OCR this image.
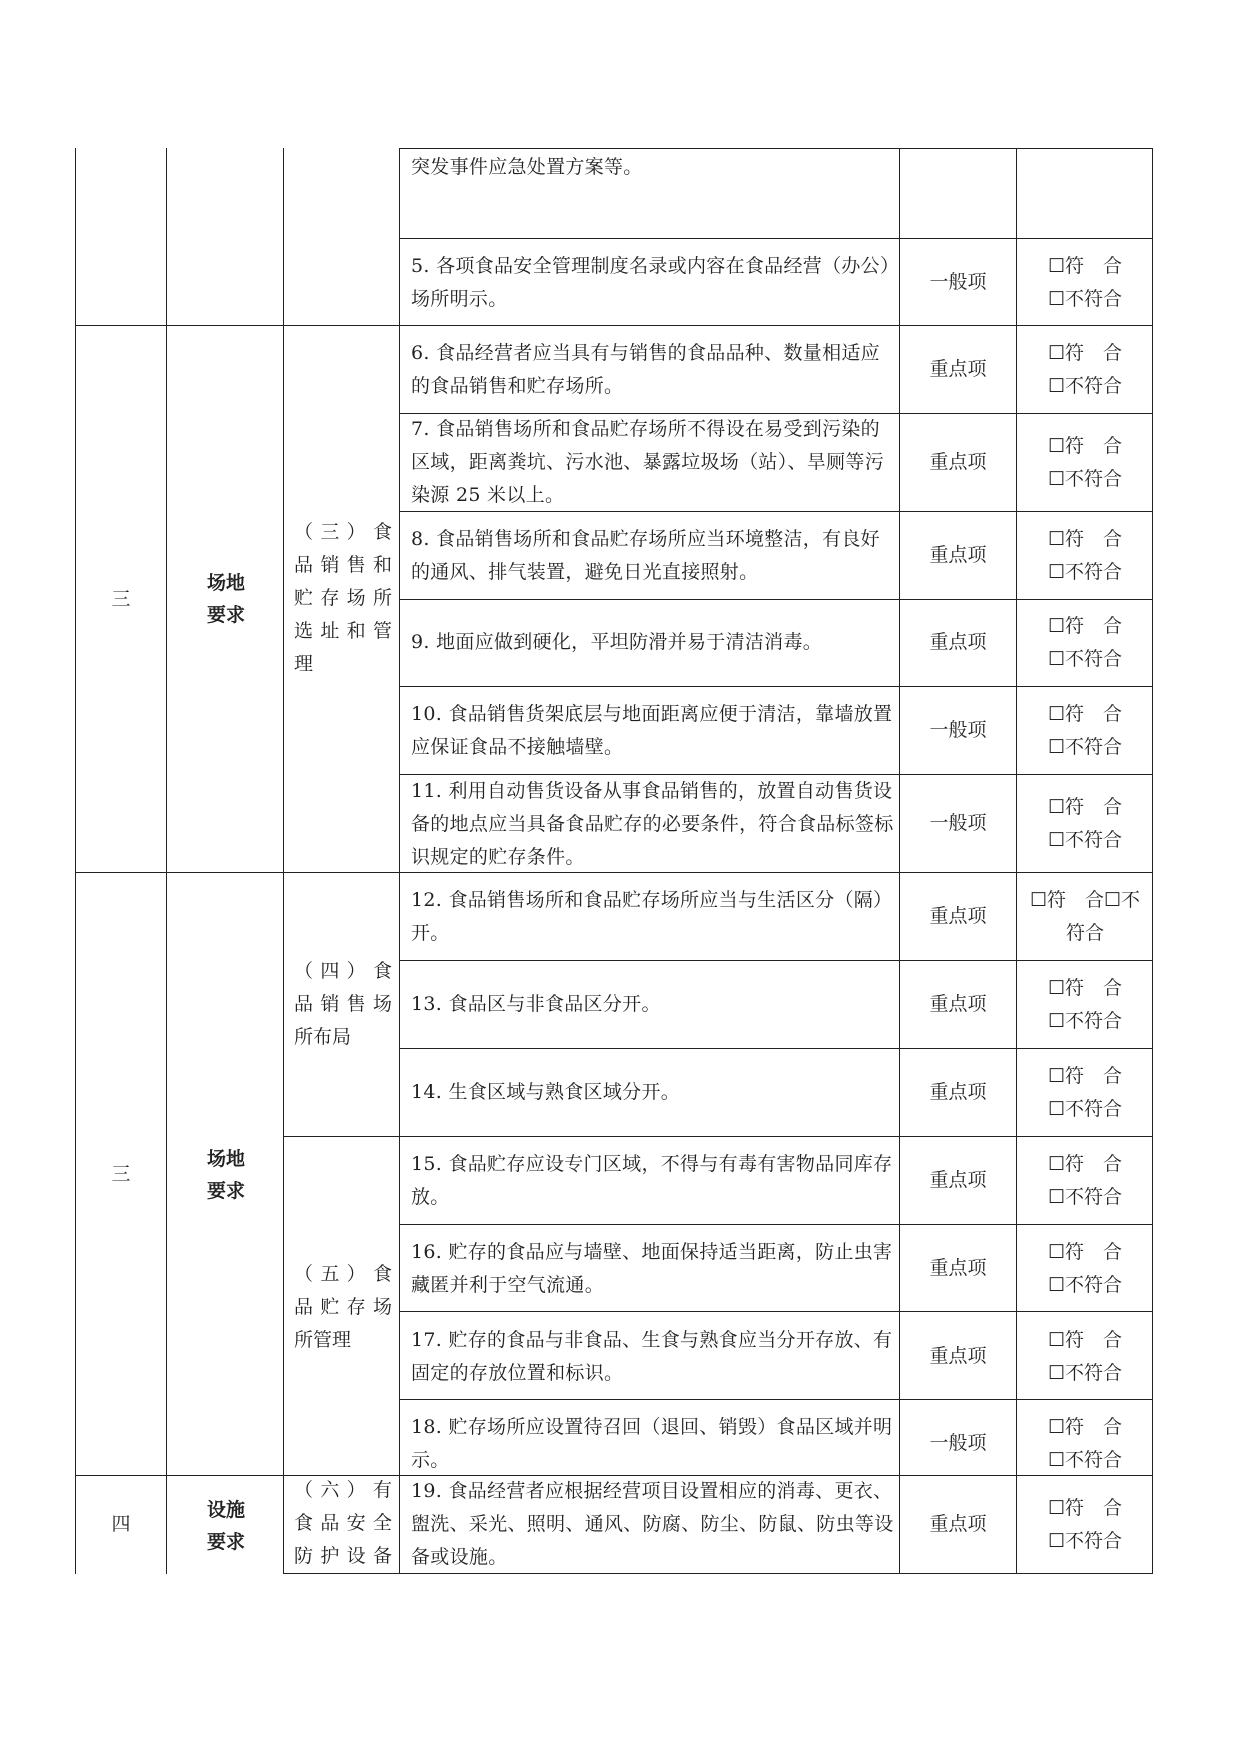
三
三
四
场地
要求
场地
要求
设施
要求
（三）食
品销售和
贮存场所
选址和管
理
（四）食
品销售场
所布局
（五）食
品贮存场
所管理
（六）有
食品安全
防护设备
突发事件应急处置方案等。
5. 各项食品安全管理制度名录或内容在食品经营（办公）场所明示。
6. 食品经营者应当具有与销售的食品品种、数量相适应的食品销售和贮存场所。
7. 食品销售场所和食品贮存场所不得设在易受到污染的区域，距离粪坑、污水池、暴露垃圾场（站）、旱厕等污染源 25 米以上。
8. 食品销售场所和食品贮存场所应当环境整洁，有良好的通风、排气装置，避免日光直接照射。
9. 地面应做到硬化，平坦防滑并易于清洁消毒。
10. 食品销售货架底层与地面距离应便于清洁，靠墙放置应保证食品不接触墙壁。
11. 利用自动售货设备从事食品销售的，放置自动售货设备的地点应当具备食品贮存的必要条件，符合食品标签标识规定的贮存条件。
12. 食品销售场所和食品贮存场所应当与生活区分（隔）开。
13. 食品区与非食品区分开。
14. 生食区域与熟食区域分开。
15. 食品贮存应设专门区域，不得与有毒有害物品同库存放。
16. 贮存的食品应与墙壁、地面保持适当距离，防止虫害藏匿并利于空气流通。
17. 贮存的食品与非食品、生食与熟食应当分开存放、有固定的存放位置和标识。
18. 贮存场所应设置待召回（退回、销毁）食品区域并明示。
19. 食品经营者应根据经营项目设置相应的消毒、更衣、盥洗、采光、照明、通风、防腐、防尘、防鼠、防虫等设备或设施。
一般项
重点项
重点项
重点项
重点项
一般项
一般项
重点项
重点项
重点项
重点项
重点项
重点项
一般项
重点项
☐符　合
☐不符合
☐符　合
☐不符合
☐符　合
☐不符合
☐符　合
☐不符合
☐符　合
☐不符合
☐符　合
☐不符合
☐符　合
☐不符合
☐符　合☐不
符合
☐符　合
☐不符合
☐符　合
☐不符合
☐符　合
☐不符合
☐符　合
☐不符合
☐符　合
☐不符合
☐符　合
☐不符合
☐符　合
☐不符合
